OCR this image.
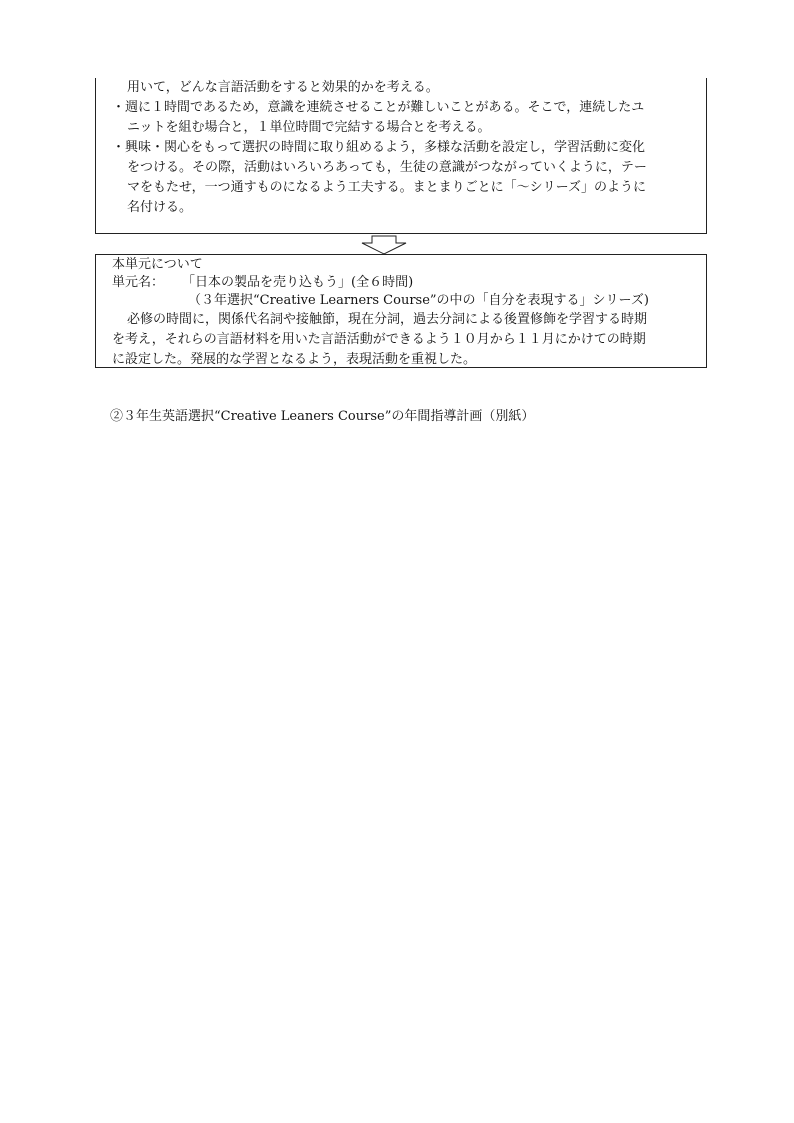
用いて，どんな言語活動をすると効果的かを考える。
・週に１時間であるため，意識を連続させることが難しいことがある。そこで，連続したユ
ニットを組む場合と，１単位時間で完結する場合とを考える。
・興味・関心をもって選択の時間に取り組めるよう，多様な活動を設定し，学習活動に変化
をつける。その際，活動はいろいろあっても，生徒の意識がつながっていくように，テー
マをもたせ，一つ通すものになるよう工夫する。まとまりごとに「～シリーズ」のように
名付ける。
本単元について
単元名： 「日本の製品を売り込もう」(全６時間)
（３年選択“Creative Learners Course”の中の「自分を表現する」シリーズ)
必修の時間に，関係代名詞や接触節，現在分詞，過去分詞による後置修飾を学習する時期
を考え，それらの言語材料を用いた言語活動ができるよう１０月から１１月にかけての時期
に設定した。発展的な学習となるよう，表現活動を重視した。
②３年生英語選択“Creative Leaners Course”の年間指導計画（別紙）
